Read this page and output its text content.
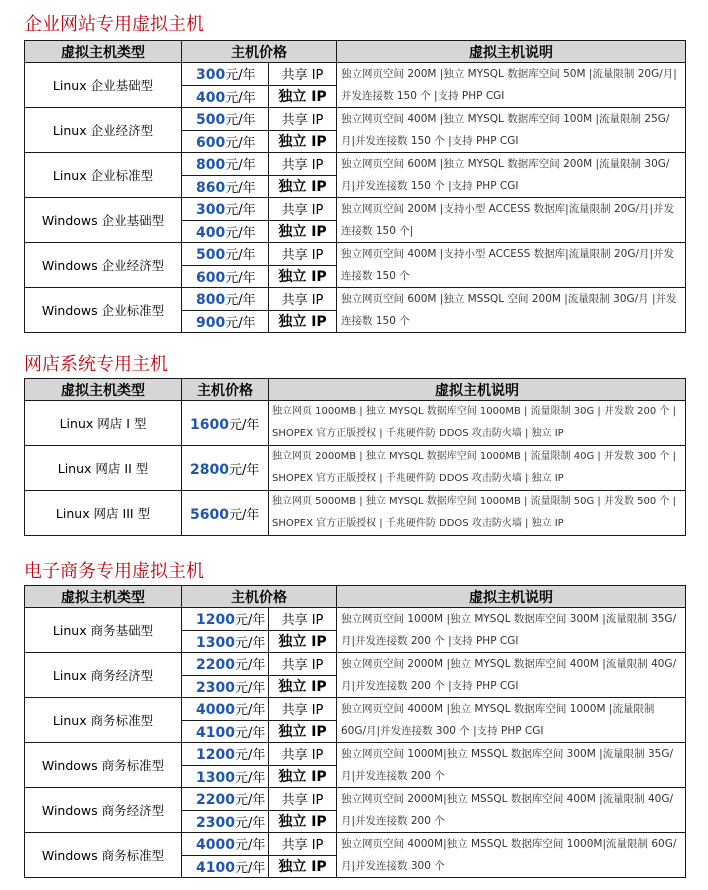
企业网站专用虚拟主机
虚拟主机类型	主机价格		虚拟主机说明
Linux 企业基础型	300元/年	共享 IP	独立网页空间 200M |独立 MYSQL 数据库空间 50M |流量限制 20G/月|并发连接数 150 个 |支持 PHP CGI
	400元/年	独立 IP	
Linux 企业经济型	500元/年	共享 IP	独立网页空间 400M |独立 MYSQL 数据库空间 100M |流量限制 25G/月|并发连接数 150 个 |支持 PHP CGI
	600元/年	独立 IP	
Linux 企业标准型	800元/年	共享 IP	独立网页空间 600M |独立 MYSQL 数据库空间 200M |流量限制 30G/月|并发连接数 150 个 |支持 PHP CGI
	860元/年	独立 IP	
Windows 企业基础型	300元/年	共享 IP	独立网页空间 200M |支持小型 ACCESS 数据库|流量限制 20G/月|并发连接数 150 个|
	400元/年	独立 IP	
Windows 企业经济型	500元/年	共享 IP	独立网页空间 400M |支持小型 ACCESS 数据库|流量限制 20G/月|并发连接数 150 个
	600元/年	独立 IP	
Windows 企业标准型	800元/年	共享 IP	独立网页空间 600M |独立 MSSQL 空间 200M |流量限制 30G/月 |并发连接数 150 个
	900元/年	独立 IP	
网店系统专用主机
虚拟主机类型	主机价格	虚拟主机说明
Linux 网店 I 型	1600元/年	独立网页 1000MB | 独立 MYSQL 数据库空间 1000MB | 流量限制 30G | 并发数 200 个 | SHOPEX 官方正版授权 | 千兆硬件防 DDOS 攻击防火墙 | 独立 IP
Linux 网店 II 型	2800元/年	独立网页 2000MB | 独立 MYSQL 数据库空间 1000MB | 流量限制 40G | 并发数 300 个 | SHOPEX 官方正版授权 | 千兆硬件防 DDOS 攻击防火墙 | 独立 IP
Linux 网店 III 型	5600元/年	独立网页 5000MB | 独立 MYSQL 数据库空间 1000MB | 流量限制 50G | 并发数 500 个 | SHOPEX 官方正版授权 | 千兆硬件防 DDOS 攻击防火墙 | 独立 IP
电子商务专用虚拟主机
虚拟主机类型	主机价格		虚拟主机说明
Linux 商务基础型	1200元/年	共享 IP	独立网页空间 1000M |独立 MYSQL 数据库空间 300M |流量限制 35G/月|并发连接数 200 个 |支持 PHP CGI
	1300元/年	独立 IP	
Linux 商务经济型	2200元/年	共享 IP	独立网页空间 2000M |独立 MYSQL 数据库空间 400M |流量限制 40G/月|并发连接数 200 个 |支持 PHP CGI
	2300元/年	独立 IP	
Linux 商务标准型	4000元/年	共享 IP	独立网页空间 4000M |独立 MYSQL 数据库空间 1000M |流量限制 60G/月|并发连接数 300 个 |支持 PHP CGI
	4100元/年	独立 IP	
Windows 商务标准型	1200元/年	共享 IP	独立网页空间 1000M|独立 MSSQL 数据库空间 300M |流量限制 35G/月|并发连接数 200 个
	1300元/年	独立 IP	
Windows 商务经济型	2200元/年	共享 IP	独立网页空间 2000M|独立 MSSQL 数据库空间 400M |流量限制 40G/月|并发连接数 200 个
	2300元/年	独立 IP	
Windows 商务标准型	4000元/年	共享 IP	独立网页空间 4000M|独立 MSSQL 数据库空间 1000M|流量限制 60G/月|并发连接数 300 个
	4100元/年	独立 IP	
